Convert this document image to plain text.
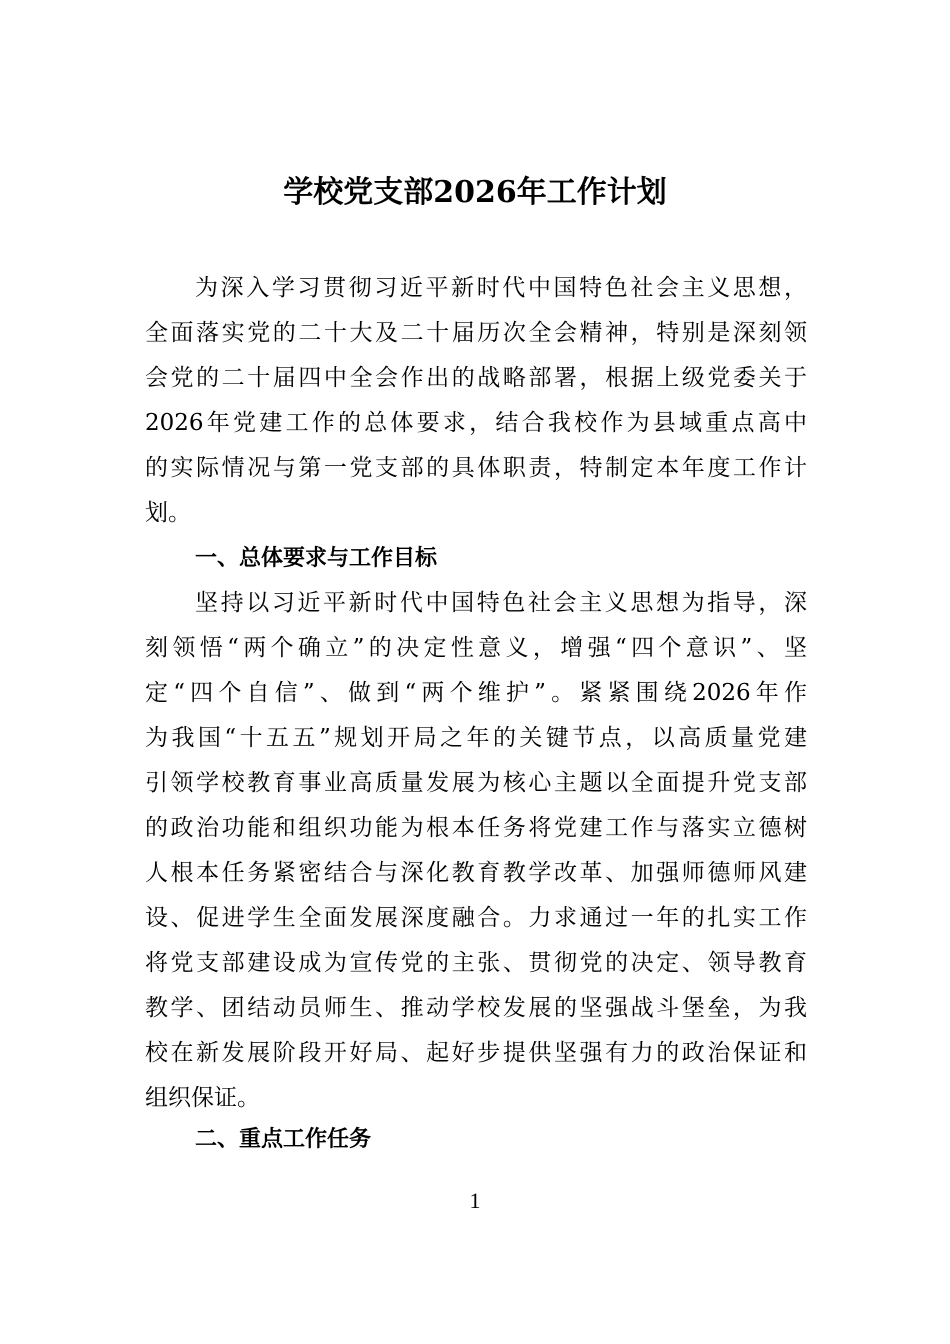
学校党支部2026年工作计划
为深入学习贯彻习近平新时代中国特色社会主义思想，
全面落实党的二十大及二十届历次全会精神，特别是深刻领
会党的二十届四中全会作出的战略部署，根据上级党委关于
2026年党建工作的总体要求，结合我校作为县域重点高中
的实际情况与第一党支部的具体职责，特制定本年度工作计
划。
一、总体要求与工作目标
坚持以习近平新时代中国特色社会主义思想为指导，深
刻领悟“两个确立”的决定性意义，增强“四个意识”、坚
定“四个自信”、做到“两个维护”。紧紧围绕2026年作
为我国“十五五”规划开局之年的关键节点，以高质量党建
引领学校教育事业高质量发展为核心主题以全面提升党支部
的政治功能和组织功能为根本任务将党建工作与落实立德树
人根本任务紧密结合与深化教育教学改革、加强师德师风建
设、促进学生全面发展深度融合。力求通过一年的扎实工作
将党支部建设成为宣传党的主张、贯彻党的决定、领导教育
教学、团结动员师生、推动学校发展的坚强战斗堡垒，为我
校在新发展阶段开好局、起好步提供坚强有力的政治保证和
组织保证。
二、重点工作任务
1
